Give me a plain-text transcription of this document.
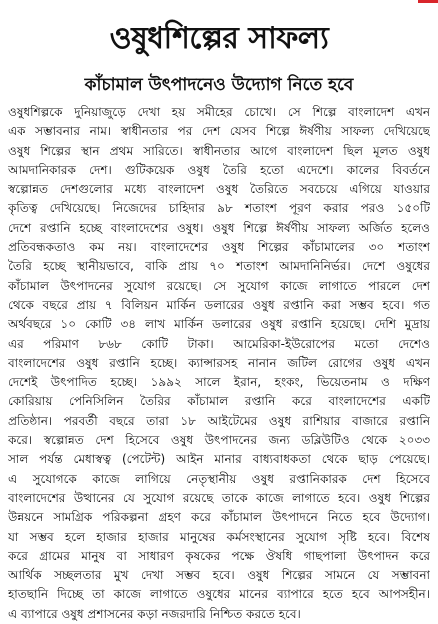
ওষুধশিল্পের সাফল্য
কাঁচামাল উৎপাদনেও উদ্যোগ নিতে হবে
ওষুধশিল্পকে দুনিয়াজুড়ে দেখা হয় সমীহের চোখে। সে শিল্পে বাংলাদেশ এখন
এক সম্ভাবনার নাম। স্বাধীনতার পর দেশ যেসব শিল্পে ঈর্ষণীয় সাফল্য দেখিয়েছে
ওষুধ শিল্পের স্থান প্রথম সারিতে। স্বাধীনতার আগে বাংলাদেশ ছিল মূলত ওষুধ
আমদানিকারক দেশ। গুটিকয়েক ওষুধ তৈরি হতো এদেশে। কালের বিবর্তনে
স্বল্পোন্নত দেশগুলোর মধ্যে বাংলাদেশ ওষুধ তৈরিতে সবচেয়ে এগিয়ে যাওয়ার
কৃতিত্ব দেখিয়েছে। নিজেদের চাহিদার ৯৮ শতাংশ পূরণ করার পরও ১৫০টি
দেশে রপ্তানি হচ্ছে বাংলাদেশের ওষুধ। ওষুধ শিল্পে ঈর্ষণীয় সাফল্য অর্জিত হলেও
প্রতিবন্ধকতাও কম নয়। বাংলাদেশের ওষুধ শিল্পের কাঁচামালের ৩০ শতাংশ
তৈরি হচ্ছে স্থানীয়ভাবে, বাকি প্রায় ৭০ শতাংশ আমদানিনির্ভর। দেশে ওষুধের
কাঁচামাল উৎপাদনের সুযোগ রয়েছে। সে সুযোগ কাজে লাগাতে পারলে দেশ
থেকে বছরে প্রায় ৭ বিলিয়ন মার্কিন ডলারের ওষুধ রপ্তানি করা সম্ভব হবে। গত
অর্থবছরে ১০ কোটি ৩৪ লাখ মার্কিন ডলারের ওষুধ রপ্তানি হয়েছে। দেশি মুদ্রায়
এর পরিমাণ ৮৬৮ কোটি টাকা। আমেরিকা-ইউরোপের মতো দেশেও
বাংলাদেশের ওষুধ রপ্তানি হচ্ছে। ক্যান্সারসহ নানান জটিল রোগের ওষুধ এখন
দেশেই উৎপাদিত হচ্ছে। ১৯৯২ সালে ইরান, হংকং, ভিয়েতনাম ও দক্ষিণ
কোরিয়ায় পেনিসিলিন তৈরির কাঁচামাল রপ্তানি করে বাংলাদেশের একটি
প্রতিষ্ঠান। পরবর্তী বছরে তারা ১৮ আইটেমের ওষুধ রাশিয়ার বাজারে রপ্তানি
করে। স্বল্পোন্নত দেশ হিসেবে ওষুধ উৎপাদনের জন্য ডব্লিউটিও থেকে ২০৩৩
সাল পর্যন্ত মেধাস্বত্ব (পেটেন্ট) আইন মানার বাধ্যবাধকতা থেকে ছাড় পেয়েছে।
এ সুযোগকে কাজে লাগিয়ে নেতৃস্থানীয় ওষুধ রপ্তানিকারক দেশ হিসেবে
বাংলাদেশের উত্থানের যে সুযোগ রয়েছে তাকে কাজে লাগাতে হবে। ওষুধ শিল্পের
উন্নয়নে সামগ্রিক পরিকল্পনা গ্রহণ করে কাঁচামাল উৎপাদনে নিতে হবে উদ্যোগ।
যা সম্ভব হলে হাজার হাজার মানুষের কর্মসংস্থানের সুযোগ সৃষ্টি হবে। বিশেষ
করে গ্রামের মানুষ বা সাধারণ কৃষকের পক্ষে ঔষধি গাছপালা উৎপাদন করে
আর্থিক সচ্ছলতার মুখ দেখা সম্ভব হবে। ওষুধ শিল্পের সামনে যে সম্ভাবনা
হাতছানি দিচ্ছে তা কাজে লাগাতে ওষুধের মানের ব্যাপারে হতে হবে আপসহীন।
এ ব্যাপারে ওষুধ প্রশাসনের কড়া নজরদারি নিশ্চিত করতে হবে।
